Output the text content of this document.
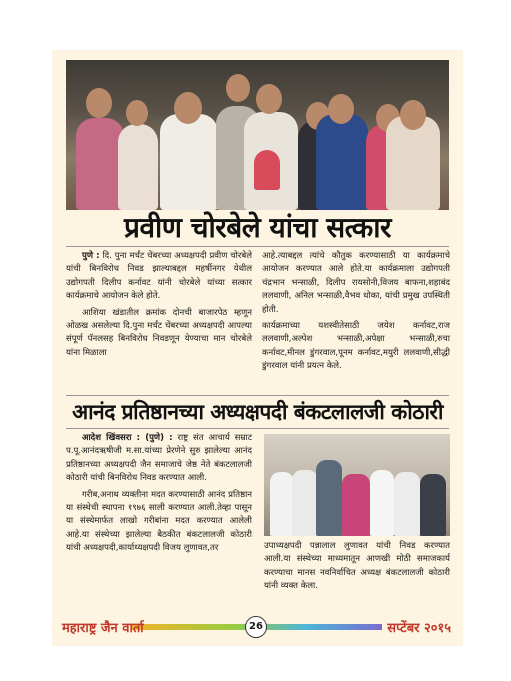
प्रवीण चोरबेले यांचा सत्कार

पुणे : दि. पुना मर्चंट चेंबरच्या अध्यक्षपदी प्रवीण चोरबेले यांची बिनविरोध निवड झाल्याबद्दल महर्षीनगर येथील उद्योगपती दिलीप कर्नावट यांनी चोरबेले यांच्या सत्कार कार्यक्रमाचे आयोजन केले होते.

आशिया खंडातील क्रमांक दोनची बाजारपेठ म्हणून ओळख असलेल्या दि.पुना मर्चंट चेंबरच्या अध्यक्षपदी आपल्या संपूर्ण पॅनलसह बिनविरोध निवडणून येण्याचा मान चोरबेले यांना मिळाला

आहे.त्याबद्दल त्यांचे कौतुक करण्यासाठी या कार्यक्रमाचे आयोजन करण्यात आले होते.या कार्यक्रमाला उद्योगपती चंद्रभान भन्साळी, दिलीप रायसोनी,विजय बाफना,शहाबंद ललवाणी, अनिल भन्साळी,वैभव धोका, यांची प्रमुख उपस्थिती होती.

कार्यक्रमाच्या यशस्वीतेसाठी जयेश कर्नावट,राज ललवाणी,अल्पेश भन्साळी,अपेक्षा भन्साळी,रुचा कर्नावट,मीनल डुंगरवाल,पूनम कर्नावट,मयुरी ललवाणी,सीद्धी डुंगरवाल यांनी प्रयत्न केले.

आनंद प्रतिष्ठानच्या अध्यक्षपदी बंकटलालजी कोठारी

आदेश खिंवसरा : (पुणे) : राष्ट्र संत आचार्य सम्राट प.पू.आनंदऋषीजी म.सा.यांच्या प्रेरणेने सुरु झालेल्या आनंद प्रतिष्ठानच्या अध्यक्षपदी जैन समाजाचे जेष्ठ नेते बंकटलालजी कोठारी यांची बिनविरोध निवड करण्यात आली.

गरीब,अनाथ व्यक्तीना मदत करण्यासाठी आनंद प्रतिष्ठान या संस्थेची स्थापना १९७६ साली करण्यात आली.तेव्हा पासून या संस्थेमार्फत लाखो गरीबांना मदत करण्यात आलेली आहे.या संस्थेच्या झालेल्या बैठकीत बंकटलालजी कोठारी यांची अध्यक्षपदी,कार्याध्यक्षपदी विजय लुणावत,तर	उपाध्यक्षपदी पन्नालाल लुणावत यांची निवड करण्यात आली.या संस्थेच्या माध्यमातून आणखी मोठी समाजकार्य करण्याचा मानस नवनिर्वाचित अध्यक्ष बंकटलालजी कोठारी यांनी व्यक्त केला.

महाराष्ट्र जैन वार्ता	26	सप्टेंबर २०१५
